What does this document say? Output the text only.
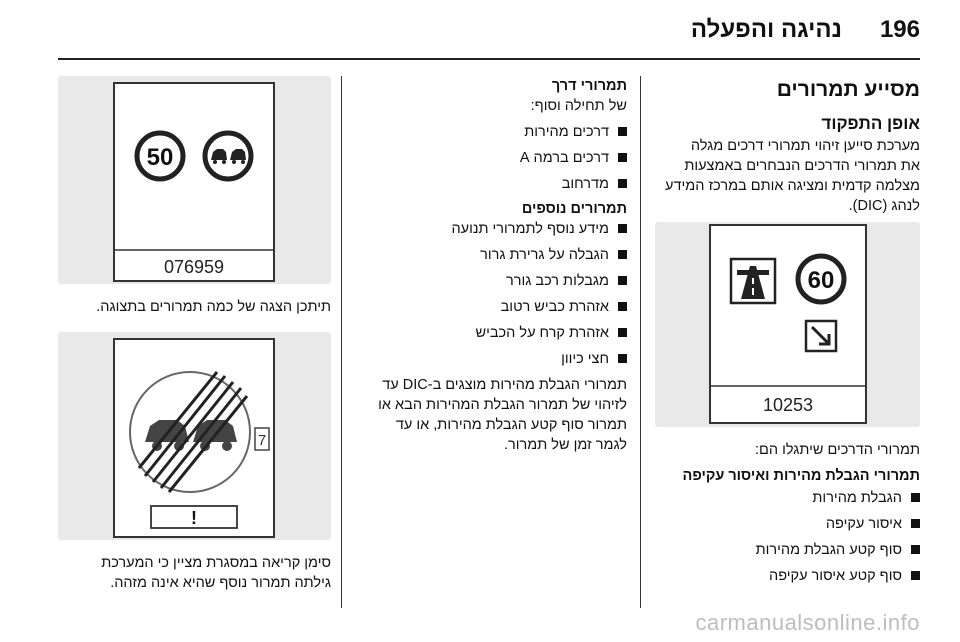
196
נהיגה והפעלה
מסייע תמרורים
אופן התפקוד

מערכת סייען זיהוי תמרורי דרכים מגלה

את תמרורי הדרכים הנבחרים באמצעות

מצלמה קדמית ומציגה אותם במרכז המידע

לנהג (DIC).

60
10253

תמרורי הדרכים שיתגלו הם:

תמרורי הגבלת מהירות ואיסור עקיפה

הגבלת מהירות
איסור עקיפה
סוף קטע הגבלת מהירות
סוף קטע איסור עקיפה

תמרורי דרך

של תחילה וסוף:

דרכים מהירות
דרכים ברמה A
מדרחוב

תמרורים נוספים

מידע נוסף לתמרורי תנועה
הגבלה על גרירת גרור
מגבלות רכב גורר
אזהרת כביש רטוב
אזהרת קרח על הכביש
חצי כיוון

תמרורי הגבלת מהירות מוצגים ב-DIC עד

לזיהוי של תמרור הגבלת המהירות הבא או

תמרור סוף קטע הגבלת מהירות, או עד

לגמר זמן של תמרור.

50
076959
תיתכן הצגה של כמה תמרורים בתצוגה.
7
!

סימן קריאה במסגרת מציין כי המערכת

גילתה תמרור נוסף שהיא אינה מזהה.

carmanualsonline.info
